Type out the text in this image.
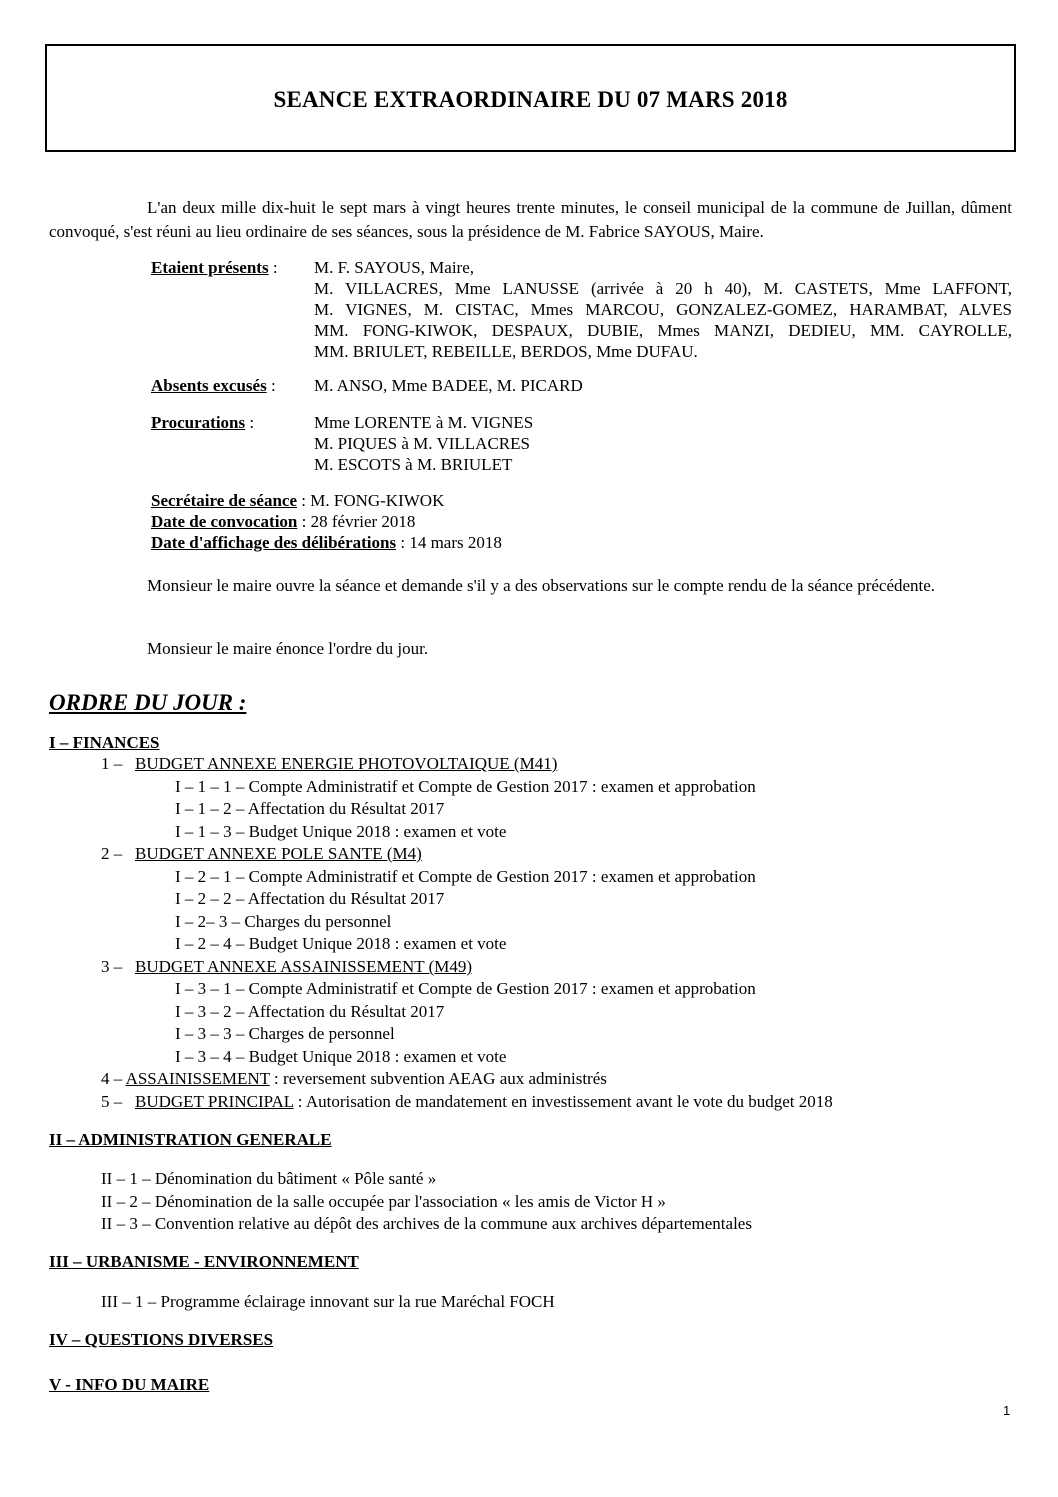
SEANCE EXTRAORDINAIRE DU 07 MARS 2018
L'an deux mille dix-huit le sept mars à vingt heures trente minutes, le conseil municipal de la commune de Juillan, dûment convoqué, s'est réuni au lieu ordinaire de ses séances, sous la présidence de M. Fabrice SAYOUS, Maire.
Etaient présents : M. F. SAYOUS, Maire,
M. VILLACRES, Mme LANUSSE (arrivée à 20 h 40), M. CASTETS, Mme LAFFONT,
M. VIGNES, M. CISTAC, Mmes MARCOU, GONZALEZ-GOMEZ, HARAMBAT, ALVES
MM. FONG-KIWOK, DESPAUX, DUBIE, Mmes MANZI, DEDIEU, MM. CAYROLLE,
MM. BRIULET, REBEILLE, BERDOS, Mme DUFAU.
Absents excusés : M. ANSO, Mme BADEE, M. PICARD
Procurations :	Mme LORENTE à M. VIGNES
M. PIQUES à M. VILLACRES
M. ESCOTS à M. BRIULET
Secrétaire de séance : M. FONG-KIWOK
Date de convocation : 28 février 2018
Date d'affichage des délibérations : 14 mars 2018
Monsieur le maire ouvre la séance et demande s'il y a des observations sur le compte rendu de la séance précédente.
Monsieur le maire énonce l'ordre du jour.
ORDRE DU JOUR :
I – FINANCES
1 – BUDGET ANNEXE ENERGIE PHOTOVOLTAIQUE (M41)
I – 1 – 1 – Compte Administratif et Compte de Gestion 2017 : examen et approbation
I – 1 – 2 – Affectation du Résultat 2017
I – 1 – 3 – Budget Unique 2018 : examen et vote
2 – BUDGET ANNEXE POLE SANTE (M4)
I – 2 – 1 – Compte Administratif et Compte de Gestion 2017 : examen et approbation
I – 2 – 2 – Affectation du Résultat 2017
I – 2– 3 – Charges du personnel
I – 2 – 4 – Budget Unique 2018 : examen et vote
3 – BUDGET ANNEXE ASSAINISSEMENT (M49)
I – 3 – 1 – Compte Administratif et Compte de Gestion 2017 : examen et approbation
I – 3 – 2 – Affectation du Résultat 2017
I – 3 – 3 – Charges de personnel
I – 3 – 4 – Budget Unique 2018 : examen et vote
4 – ASSAINISSEMENT : reversement subvention AEAG aux administrés
5 – BUDGET PRINCIPAL : Autorisation de mandatement en investissement avant le vote du budget 2018
II – ADMINISTRATION GENERALE
II – 1 – Dénomination du bâtiment « Pôle santé »
II – 2 – Dénomination de la salle occupée par l'association « les amis de Victor H »
II – 3 – Convention relative au dépôt des archives de la commune aux archives départementales
III – URBANISME - ENVIRONNEMENT
III – 1 – Programme éclairage innovant sur la rue Maréchal FOCH
IV – QUESTIONS DIVERSES
V - INFO DU MAIRE
1
